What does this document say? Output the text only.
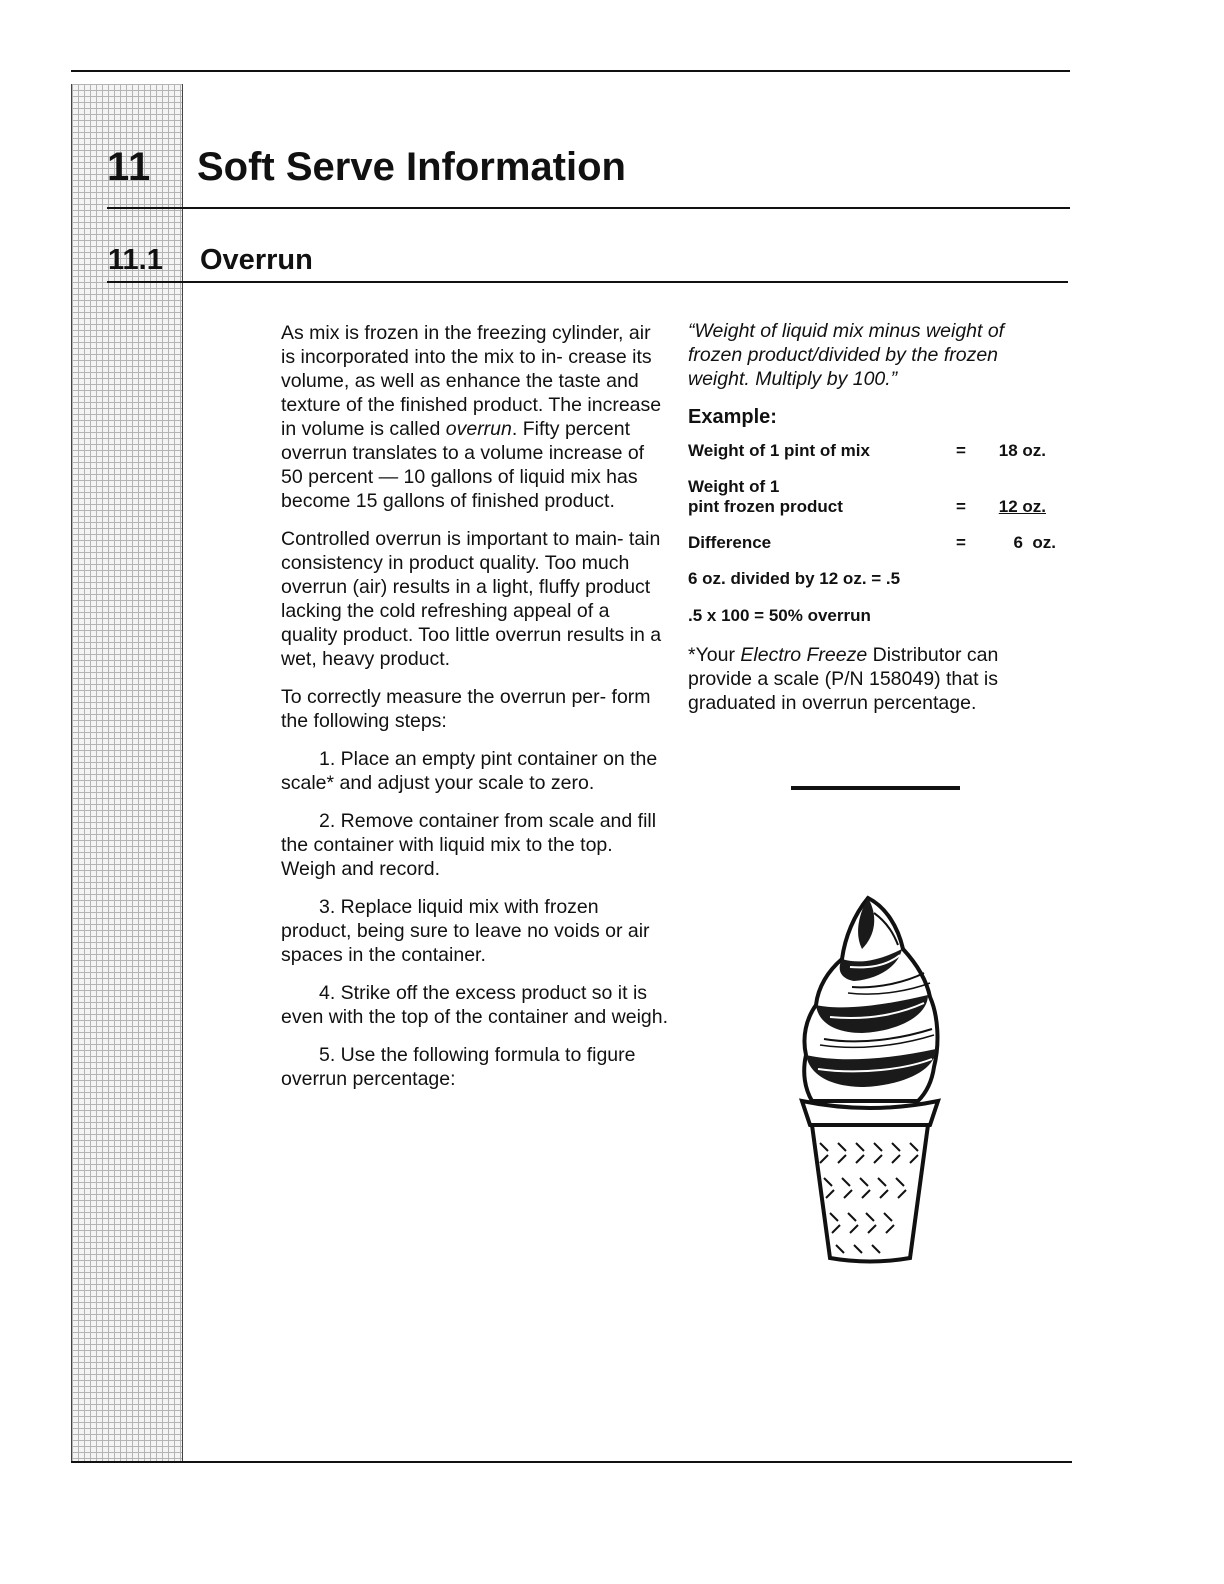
11 Soft Serve Information
11.1 Overrun

As mix is frozen in the freezing cylinder, air is incorporated into the mix to in- crease its volume, as well as enhance the taste and texture of the finished product. The increase in volume is called overrun. Fifty percent overrun translates to a volume increase of 50 percent — 10 gallons of liquid mix has become 15 gallons of finished product.

Controlled overrun is important to main- tain consistency in product quality. Too much overrun (air) results in a light, fluffy product lacking the cold refreshing appeal of a quality product. Too little overrun results in a wet, heavy product.

To correctly measure the overrun per- form the following steps:

1. Place an empty pint container on the scale* and adjust your scale to zero.

2. Remove container from scale and fill the container with liquid mix to the top. Weigh and record.

3. Replace liquid mix with frozen product, being sure to leave no voids or air spaces in the container.

4. Strike off the excess product so it is even with the top of the container and weigh.

5. Use the following formula to figure overrun percentage:

“Weight of liquid mix minus weight of frozen product/divided by the frozen weight. Multiply by 100.”
Example:
Weight of 1 pint of mix	= 18 oz.
Weight of 1
pint frozen product	= 12 oz.
Difference	=	6  oz.
6 oz. divided by 12 oz. = .5
.5 x 100 = 50% overrun
*Your Electro Freeze Distributor can provide a scale (P/N 158049) that is graduated in overrun percentage.
